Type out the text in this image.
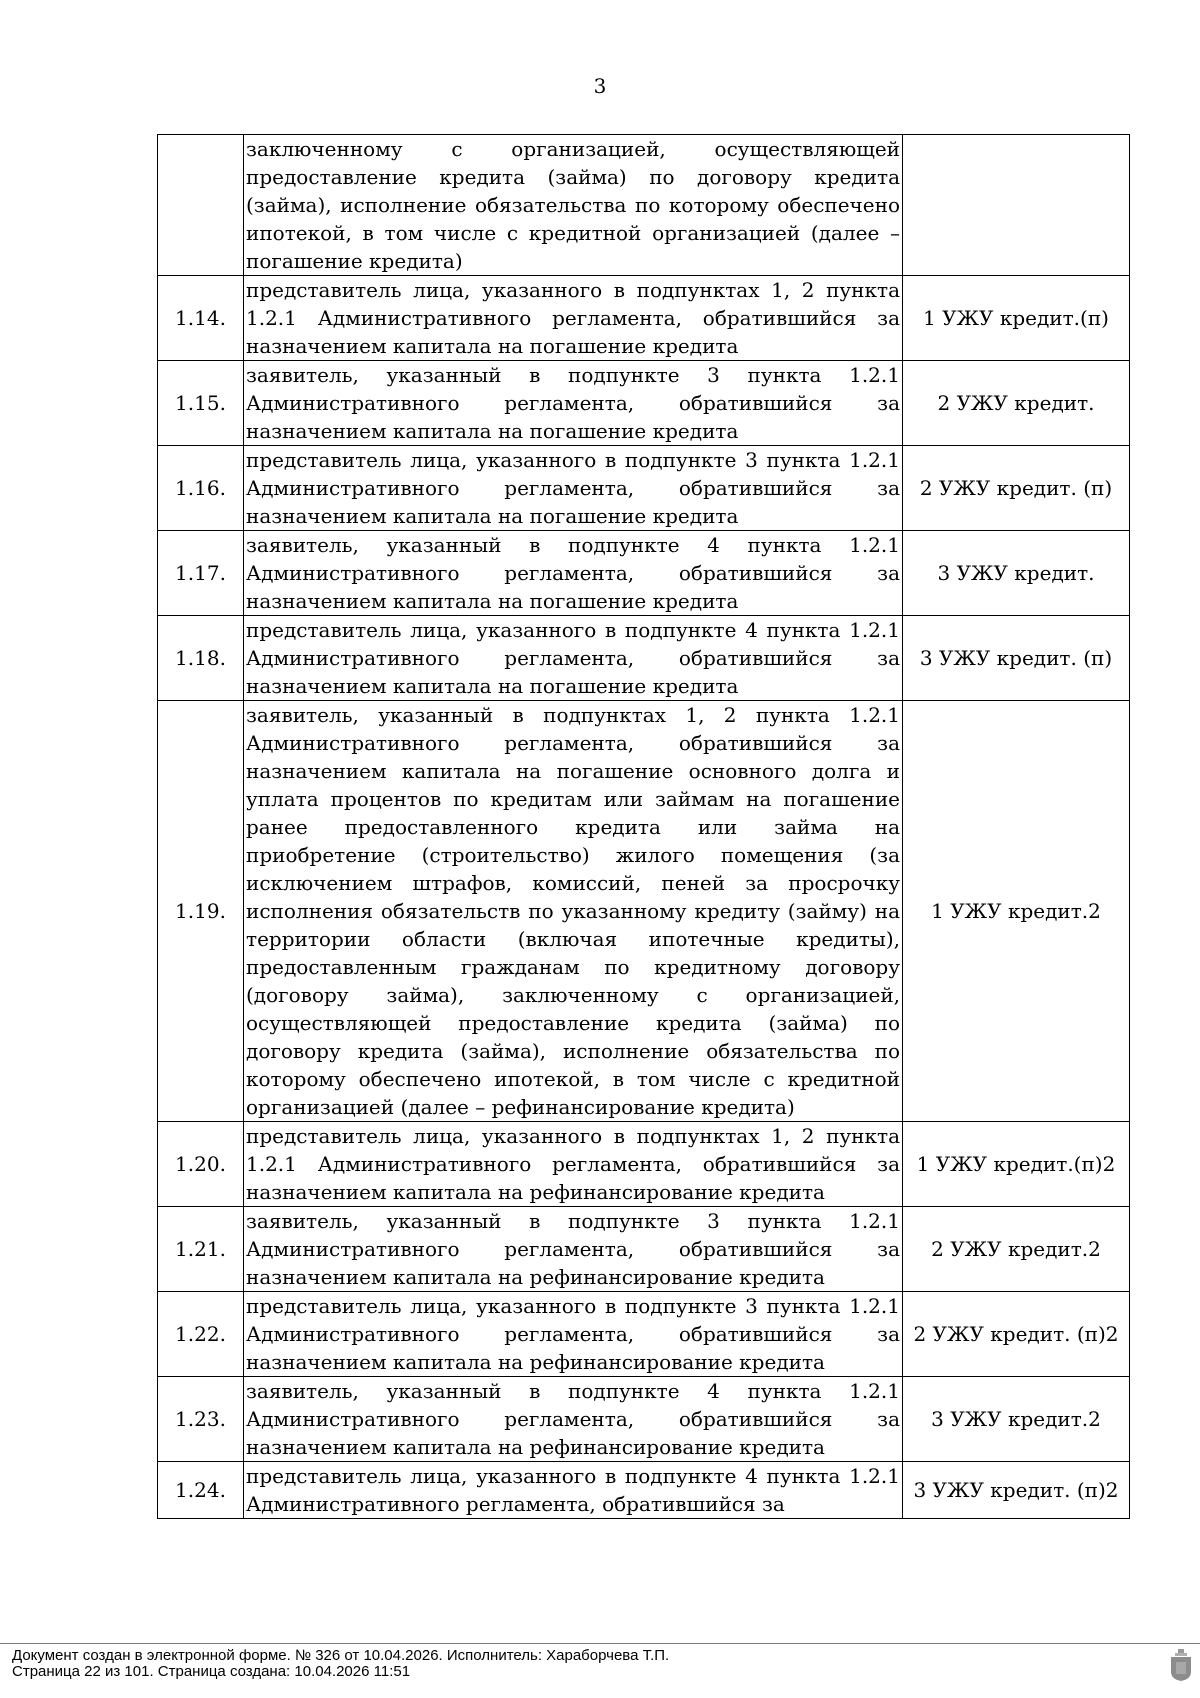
3
	заключенному с организацией, осуществляющей предоставление кредита (займа) по договору кредита (займа), исполнение обязательства по которому обеспечено ипотекой, в том числе с кредитной организацией (далее – погашение кредита)	
1.14.	представитель лица, указанного в подпунктах 1, 2 пункта 1.2.1 Административного регламента, обратившийся за назначением капитала на погашение кредита	1 УЖУ кредит.(п)
1.15.	заявитель, указанный в подпункте 3 пункта 1.2.1 Административного регламента, обратившийся за назначением капитала на погашение кредита	2 УЖУ кредит.
1.16.	представитель лица, указанного в подпункте 3 пункта 1.2.1 Административного регламента, обратившийся за назначением капитала на погашение кредита	2 УЖУ кредит. (п)
1.17.	заявитель, указанный в подпункте 4 пункта 1.2.1 Административного регламента, обратившийся за назначением капитала на погашение кредита	3 УЖУ кредит.
1.18.	представитель лица, указанного в подпункте 4 пункта 1.2.1 Административного регламента, обратившийся за назначением капитала на погашение кредита	3 УЖУ кредит. (п)
1.19.	заявитель, указанный в подпунктах 1, 2 пункта 1.2.1 Административного регламента, обратившийся за назначением капитала на погашение основного долга и уплата процентов по кредитам или займам на погашение ранее предоставленного кредита или займа на приобретение (строительство) жилого помещения (за исключением штрафов, комиссий, пеней за просрочку исполнения обязательств по указанному кредиту (займу) на территории области (включая ипотечные кредиты), предоставленным гражданам по кредитному договору (договору займа), заключенному с организацией, осуществляющей предоставление кредита (займа) по договору кредита (займа), исполнение обязательства по которому обеспечено ипотекой, в том числе с кредитной организацией (далее – рефинансирование кредита)	1 УЖУ кредит.2
1.20.	представитель лица, указанного в подпунктах 1, 2 пункта 1.2.1 Административного регламента, обратившийся за назначением капитала на рефинансирование кредита	1 УЖУ кредит.(п)2
1.21.	заявитель, указанный в подпункте 3 пункта 1.2.1 Административного регламента, обратившийся за назначением капитала на рефинансирование кредита	2 УЖУ кредит.2
1.22.	представитель лица, указанного в подпункте 3 пункта 1.2.1 Административного регламента, обратившийся за назначением капитала на рефинансирование кредита	2 УЖУ кредит. (п)2
1.23.	заявитель, указанный в подпункте 4 пункта 1.2.1 Административного регламента, обратившийся за назначением капитала на рефинансирование кредита	3 УЖУ кредит.2
1.24.	представитель лица, указанного в подпункте 4 пункта 1.2.1 Административного регламента, обратившийся за	3 УЖУ кредит. (п)2
Документ создан в электронной форме. № 326 от 10.04.2026. Исполнитель: Хараборчева Т.П.
Страница 22 из 101. Страница создана: 10.04.2026 11:51
